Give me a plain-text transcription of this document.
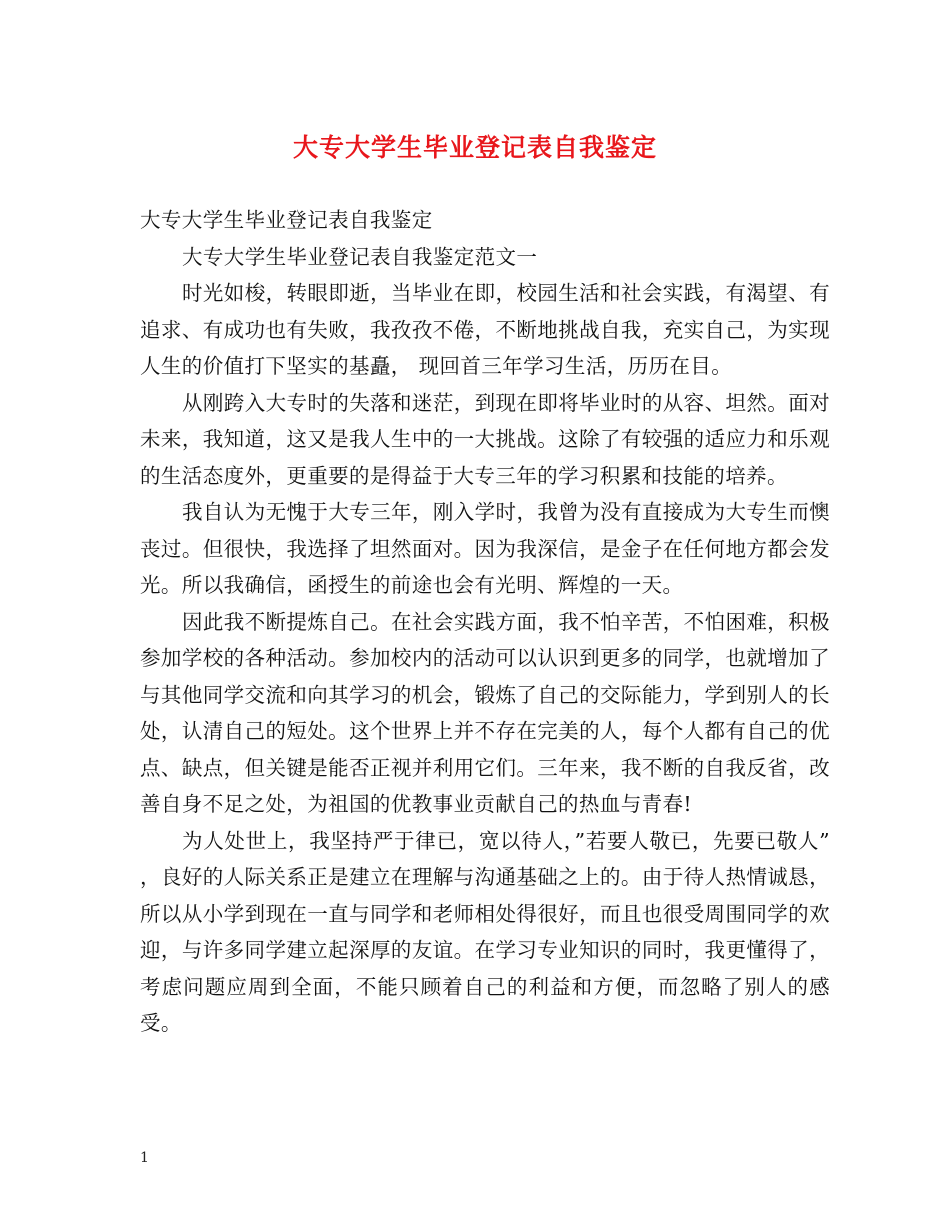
大专大学生毕业登记表自我鉴定

大专大学生毕业登记表自我鉴定

大专大学生毕业登记表自我鉴定范文一

时光如梭，转眼即逝，当毕业在即，校园生活和社会实践，有渴望、有追求、有成功也有失败，我孜孜不倦，不断地挑战自我，充实自己，为实现人生的价值打下坚实的基矗， 现回首三年学习生活，历历在目。

从刚跨入大专时的失落和迷茫，到现在即将毕业时的从容、坦然。面对未来，我知道，这又是我人生中的一大挑战。这除了有较强的适应力和乐观的生活态度外，更重要的是得益于大专三年的学习积累和技能的培养。

我自认为无愧于大专三年，刚入学时，我曾为没有直接成为大专生而懊丧过。但很快，我选择了坦然面对。因为我深信，是金子在任何地方都会发光。所以我确信，函授生的前途也会有光明、辉煌的一天。

因此我不断提炼自己。在社会实践方面，我不怕辛苦，不怕困难，积极参加学校的各种活动。参加校内的活动可以认识到更多的同学，也就增加了与其他同学交流和向其学习的机会，锻炼了自己的交际能力，学到别人的长处，认清自己的短处。这个世界上并不存在完美的人，每个人都有自己的优点、缺点，但关键是能否正视并利用它们。三年来，我不断的自我反省，改善自身不足之处，为祖国的优教事业贡献自己的热血与青春!

为人处世上，我坚持严于律已，宽以待人，”若要人敬已，先要已敬人” ，良好的人际关系正是建立在理解与沟通基础之上的。由于待人热情诚恳，所以从小学到现在一直与同学和老师相处得很好，而且也很受周围同学的欢迎，与许多同学建立起深厚的友谊。在学习专业知识的同时，我更懂得了，考虑问题应周到全面，不能只顾着自己的利益和方便，而忽略了别人的感受。

1
